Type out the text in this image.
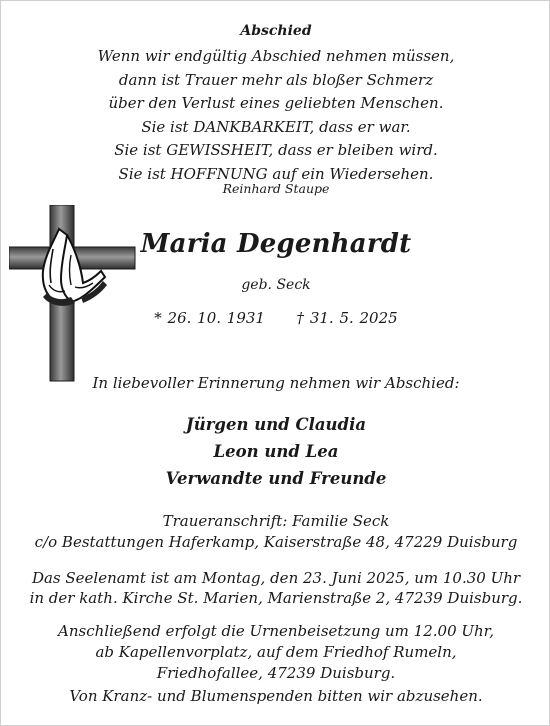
Abschied
Wenn wir endgültig Abschied nehmen müssen,
dann ist Trauer mehr als bloßer Schmerz
über den Verlust eines geliebten Menschen.
Sie ist DANKBARKEIT, dass er war.
Sie ist GEWISSHEIT, dass er bleiben wird.
Sie ist HOFFNUNG auf ein Wiedersehen.
Reinhard Staupe
Maria Degenhardt
geb. Seck
* 26. 10. 1931 † 31. 5. 2025
In liebevoller Erinnerung nehmen wir Abschied:
Jürgen und Claudia
Leon und Lea
Verwandte und Freunde
Traueranschrift: Familie Seck
c/o Bestattungen Haferkamp, Kaiserstraße 48, 47229 Duisburg
Das Seelenamt ist am Montag, den 23. Juni 2025, um 10.30 Uhr
in der kath. Kirche St. Marien, Marienstraße 2, 47239 Duisburg.
Anschließend erfolgt die Urnenbeisetzung um 12.00 Uhr,
ab Kapellenvorplatz, auf dem Friedhof Rumeln,
Friedhofallee, 47239 Duisburg.
Von Kranz- und Blumenspenden bitten wir abzusehen.
